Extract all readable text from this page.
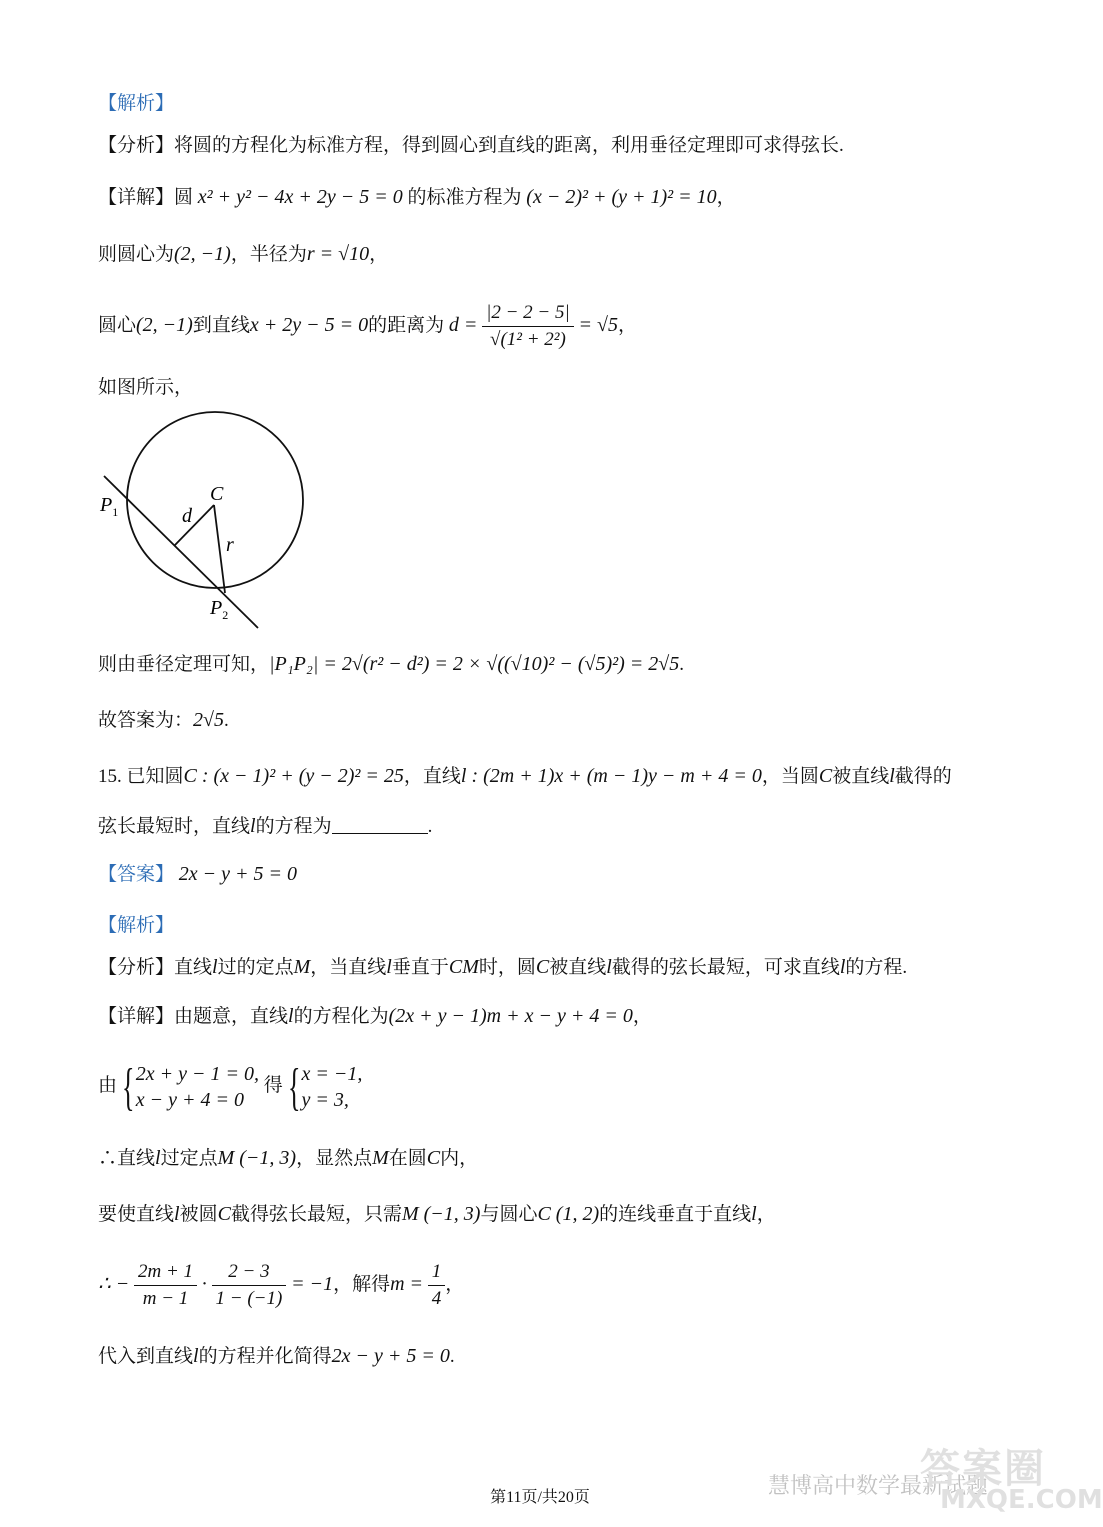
【解析】
【分析】将圆的方程化为标准方程，得到圆心到直线的距离，利用垂径定理即可求得弦长.
【详解】圆 x² + y² − 4x + 2y − 5 = 0 的标准方程为 (x − 2)² + (y + 1)² = 10，
则圆心为(2, −1)，半径为r = √10，
圆心(2, −1)到直线x + 2y − 5 = 0的距离为 $d = \frac{|2 - 2 - 5|}{\text{√(1² + 2²)}} = √5$，
如图所示，
$P_1$
C
d
r
$P_2$
则由垂径定理可知，|P₁P₂| = 2√(r² − d²) = 2 × √((√10)² − (√5)²) = 2√5.
故答案为：2√5.
15. 已知圆C : (x − 1)² + (y − 2)² = 25，直线l : (2m + 1)x + (m − 1)y − m + 4 = 0，当圆C被直线l截得的
弦长最短时，直线l的方程为	.
【答案】 2x − y + 5 = 0
【解析】
【分析】直线l过的定点M，当直线l垂直于CM时，圆C被直线l截得的弦长最短，可求直线l的方程.
【详解】由题意，直线l的方程化为(2x + y − 1)m + x − y + 4 = 0，
由 { 2x + y − 1 = 0,
x − y + 4 = 0
得 { x = −1,
y = 3,
∴直线l过定点M (−1, 3)，显然点M在圆C内，
要使直线l被圆C截得弦长最短，只需M (−1, 3)与圆心C (1, 2)的连线垂直于直线l，
∴ − $\frac{2m + 1}{m - 1} \cdot \frac{2 - 3}{1 - (-1)} = -1$，解得$m = \frac{1}{4}$ ，
代入到直线l的方程并化简得2x − y + 5 = 0.
慧博高中数学最新试题
答案圈
MXQE.COM
第11页/共20页
